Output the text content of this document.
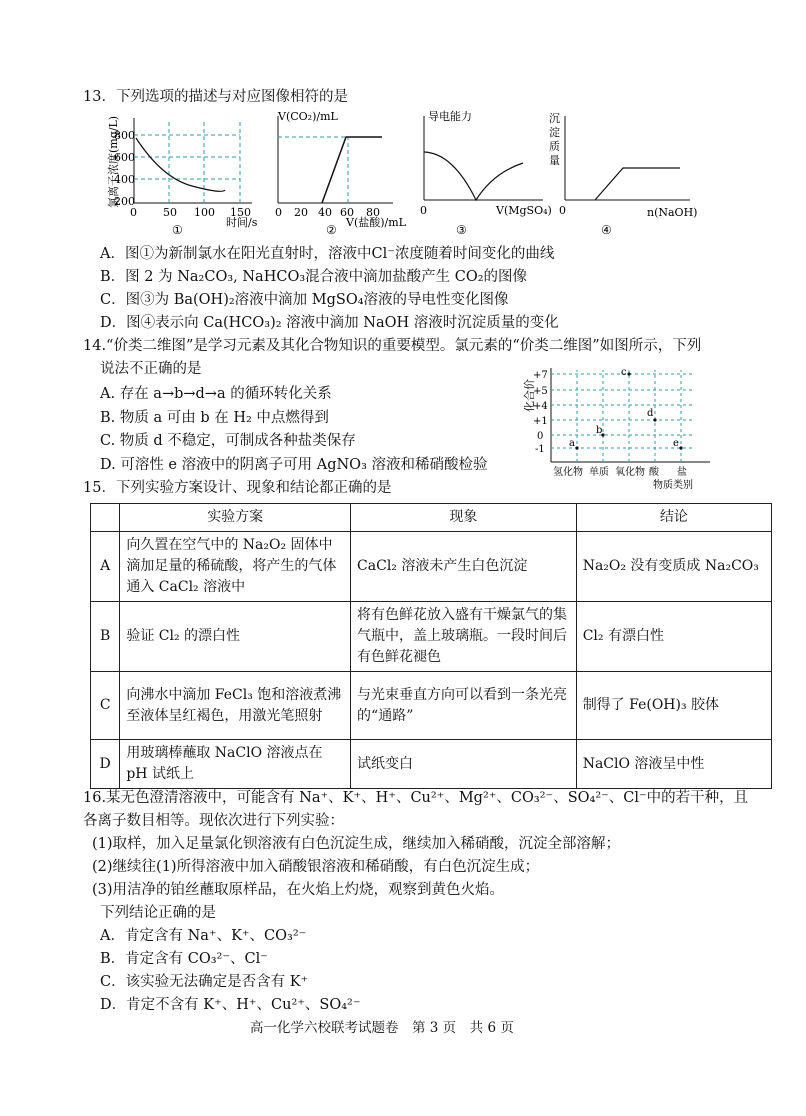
13．下列选项的描述与对应图像相符的是
氯离子浓度(mg/L)
800
600
400
200
0 50 100 150
时间/s
①
V(CO₂)/mL
0 20 40 60 80
V(盐酸)/mL
②
导电能力
0	V(MgSO₄)
③
沉
淀
质
量
0	n(NaOH)
④
A．图①为新制氯水在阳光直射时，溶液中Cl⁻浓度随着时间变化的曲线
B．图 2 为 Na₂CO₃, NaHCO₃混合液中滴加盐酸产生 CO₂的图像
C．图③为 Ba(OH)₂溶液中滴加 MgSO₄溶液的导电性变化图像
D．图④表示向 Ca(HCO₃)₂ 溶液中滴加 NaOH 溶液时沉淀质量的变化
14.“价类二维图”是学习元素及其化合物知识的重要模型。氯元素的“价类二维图”如图所示，下列
说法不正确的是
A. 存在 a→b→d→a 的循环转化关系
B. 物质 a 可由 b 在 H₂ 中点燃得到
C. 物质 d 不稳定，可制成各种盐类保存
D. 可溶性 e 溶液中的阴离子可用 AgNO₃ 溶液和稀硝酸检验
化合价
+7
+5
+4
+1
0
-1
a
b
c
d
e
氢化物 单质 氧化物 酸 盐
物质类别
15．下列实验方案设计、现象和结论都正确的是
	实验方案	现象	结论
A	向久置在空气中的 Na₂O₂ 固体中滴加足量的稀硫酸，将产生的气体通入 CaCl₂ 溶液中	CaCl₂ 溶液未产生白色沉淀	Na₂O₂ 没有变质成 Na₂CO₃
B	验证 Cl₂ 的漂白性	将有色鲜花放入盛有干燥氯气的集气瓶中，盖上玻璃瓶。一段时间后有色鲜花褪色	Cl₂ 有漂白性
C	向沸水中滴加 FeCl₃ 饱和溶液煮沸至液体呈红褐色，用激光笔照射	与光束垂直方向可以看到一条光亮的“通路”	制得了 Fe(OH)₃ 胶体
D	用玻璃棒蘸取 NaClO 溶液点在 pH 试纸上	试纸变白	NaClO 溶液呈中性
16.某无色澄清溶液中，可能含有 Na⁺、K⁺、H⁺、Cu²⁺、Mg²⁺、CO₃²⁻、SO₄²⁻、Cl⁻中的若干种，且
各离子数目相等。现依次进行下列实验：
(1)取样，加入足量氯化钡溶液有白色沉淀生成，继续加入稀硝酸，沉淀全部溶解；
(2)继续往(1)所得溶液中加入硝酸银溶液和稀硝酸，有白色沉淀生成；
(3)用洁净的铂丝蘸取原样品，在火焰上灼烧，观察到黄色火焰。
下列结论正确的是
A．肯定含有 Na⁺、K⁺、CO₃²⁻
B．肯定含有 CO₃²⁻、Cl⁻
C．该实验无法确定是否含有 K⁺
D．肯定不含有 K⁺、H⁺、Cu²⁺、SO₄²⁻
高一化学六校联考试题卷　第 3 页　共 6 页
